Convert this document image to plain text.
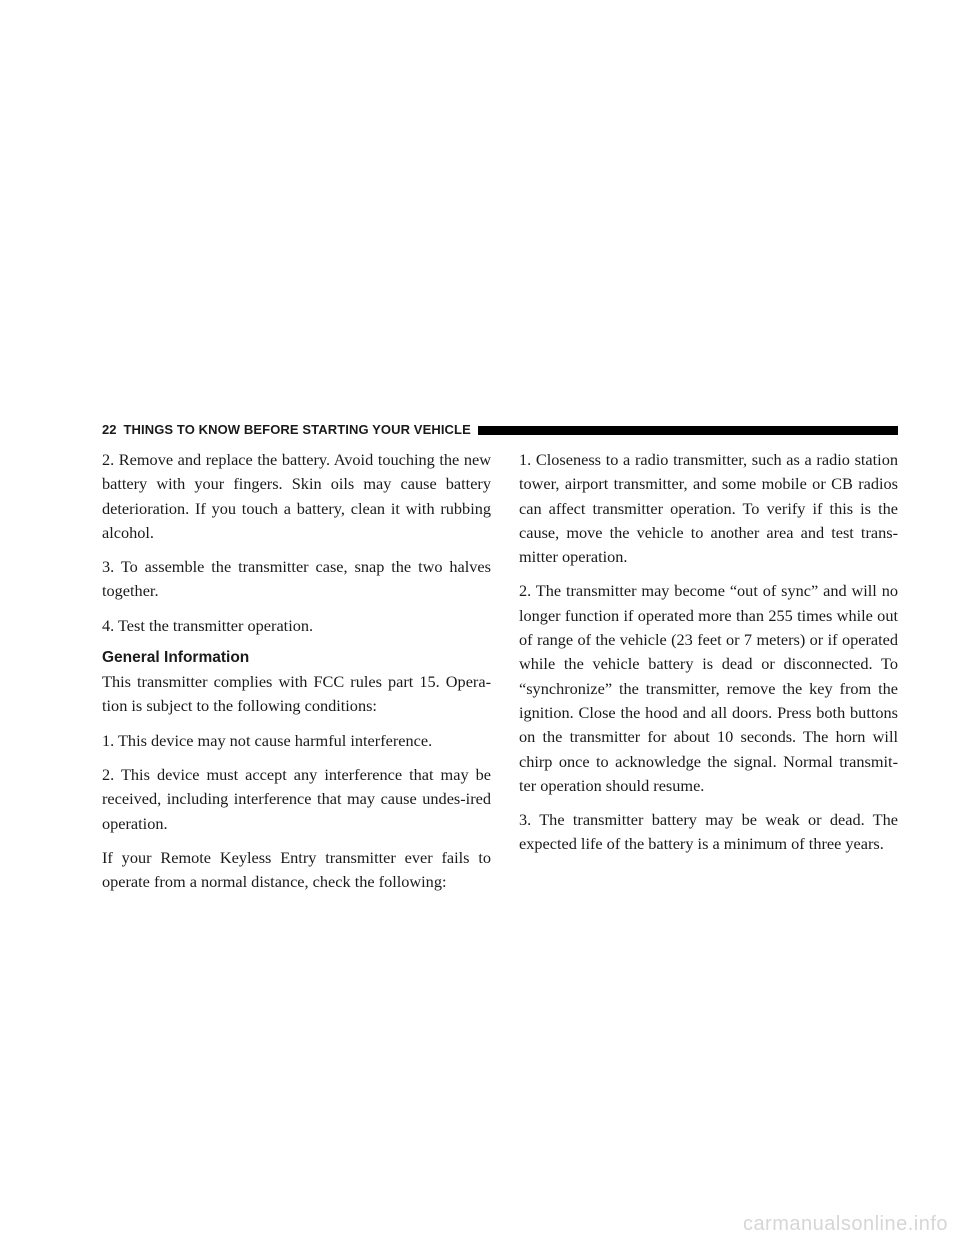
22 THINGS TO KNOW BEFORE STARTING YOUR VEHICLE

2. Remove and replace the battery. Avoid touching the new battery with your fingers. Skin oils may cause battery deterioration. If you touch a battery, clean it with rubbing alcohol.

3. To assemble the transmitter case, snap the two halves together.

4. Test the transmitter operation.

General Information

This transmitter complies with FCC rules part 15. Opera-tion is subject to the following conditions:

1. This device may not cause harmful interference.

2. This device must accept any interference that may be received, including interference that may cause undes-ired operation.

If your Remote Keyless Entry transmitter ever fails to operate from a normal distance, check the following:

1. Closeness to a radio transmitter, such as a radio station tower, airport transmitter, and some mobile or CB radios can affect transmitter operation. To verify if this is the cause, move the vehicle to another area and test trans-mitter operation.

2. The transmitter may become “out of sync” and will no longer function if operated more than 255 times while out of range of the vehicle (23 feet or 7 meters) or if operated while the vehicle battery is dead or disconnected. To “synchronize” the transmitter, remove the key from the ignition. Close the hood and all doors. Press both buttons on the transmitter for about 10 seconds. The horn will chirp once to acknowledge the signal. Normal transmit-ter operation should resume.

3. The transmitter battery may be weak or dead. The expected life of the battery is a minimum of three years.

carmanualsonline.info
